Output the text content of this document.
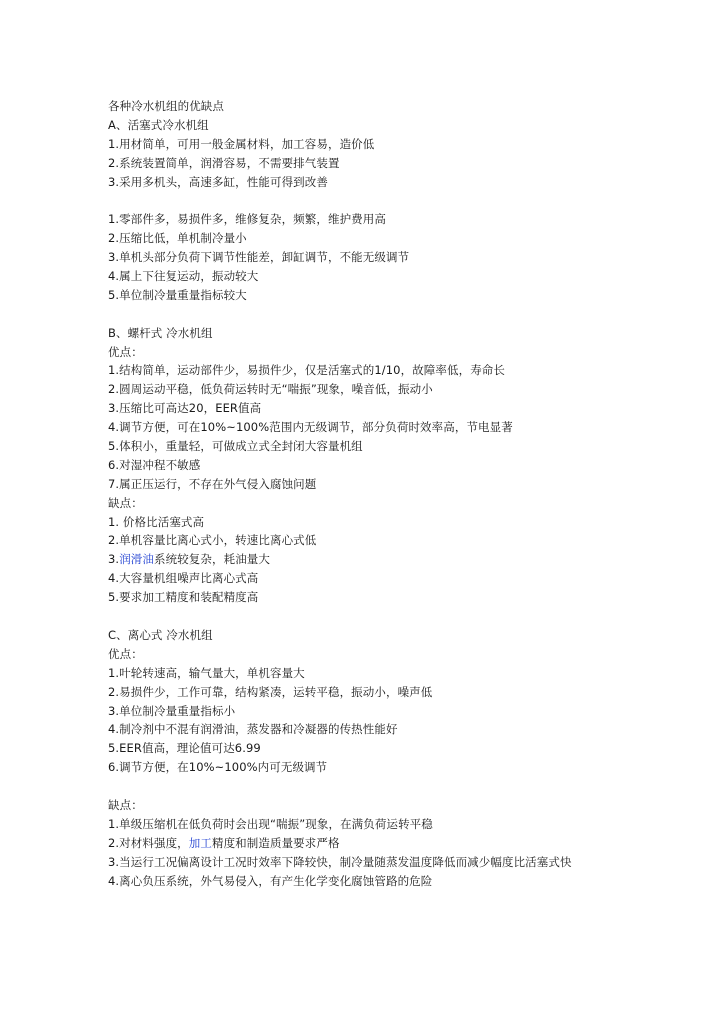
各种冷水机组的优缺点
A、活塞式冷水机组
1.用材简单，可用一般金属材料，加工容易，造价低
2.系统装置简单，润滑容易，不需要排气装置
3.采用多机头，高速多缸，性能可得到改善
1.零部件多，易损件多，维修复杂，频繁，维护费用高
2.压缩比低，单机制冷量小
3.单机头部分负荷下调节性能差，卸缸调节，不能无级调节
4.属上下往复运动，振动较大
5.单位制冷量重量指标较大
B、螺杆式 冷水机组
优点：
1.结构简单，运动部件少，易损件少，仅是活塞式的1/10，故障率低，寿命长
2.圆周运动平稳，低负荷运转时无“喘振”现象，噪音低，振动小
3.压缩比可高达20，EER值高
4.调节方便，可在10%~100%范围内无级调节，部分负荷时效率高，节电显著
5.体积小，重量轻，可做成立式全封闭大容量机组
6.对湿冲程不敏感
7.属正压运行，不存在外气侵入腐蚀问题
缺点：
1. 价格比活塞式高
2.单机容量比离心式小，转速比离心式低
3.润滑油系统较复杂，耗油量大
4.大容量机组噪声比离心式高
5.要求加工精度和装配精度高
C、离心式 冷水机组
优点：
1.叶轮转速高，输气量大，单机容量大
2.易损件少，工作可靠，结构紧凑，运转平稳，振动小，噪声低
3.单位制冷量重量指标小
4.制冷剂中不混有润滑油，蒸发器和冷凝器的传热性能好
5.EER值高，理论值可达6.99
6.调节方便，在10%~100%内可无级调节
缺点：
1.单级压缩机在低负荷时会出现“喘振”现象，在满负荷运转平稳
2.对材料强度，加工精度和制造质量要求严格
3.当运行工况偏离设计工况时效率下降较快，制冷量随蒸发温度降低而减少幅度比活塞式快
4.离心负压系统，外气易侵入，有产生化学变化腐蚀管路的危险
